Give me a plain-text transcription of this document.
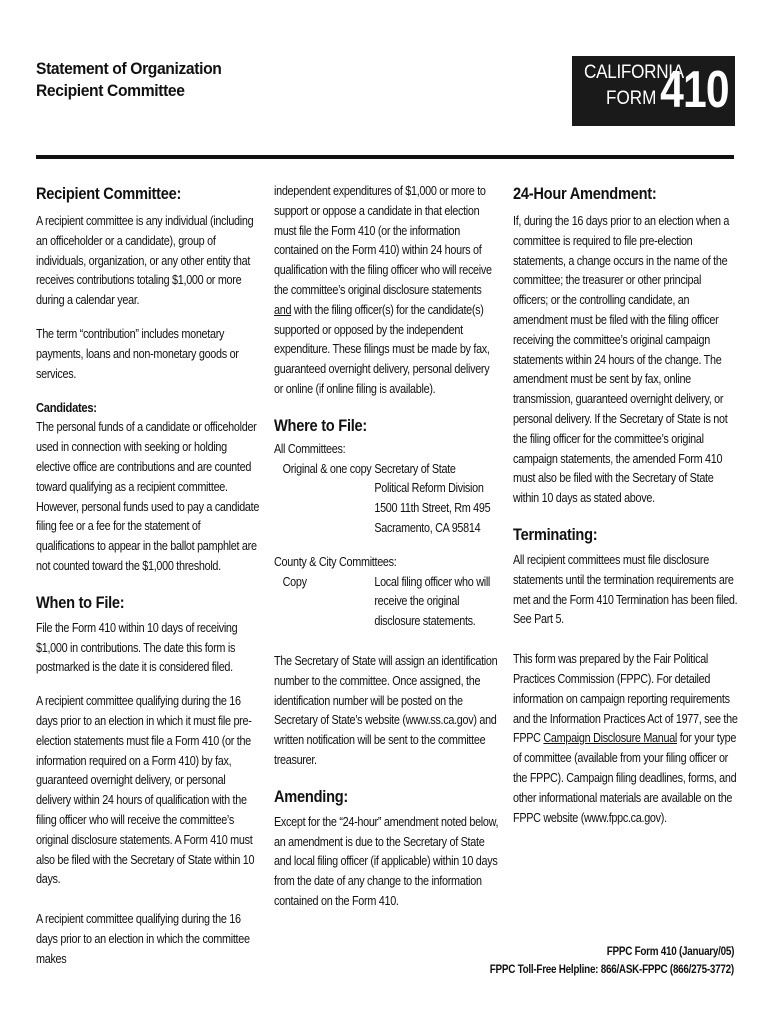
Statement of Organization
Recipient Committee
CALIFORNIA
FORM 410
Recipient Committee:

A recipient committee is any individual (including an officeholder or a candidate), group of individuals, organization, or any other entity that receives contributions totaling $1,000 or more during a calendar year.

The term “contribution” includes monetary payments, loans and non-monetary goods or services.

Candidates:

The personal funds of a candidate or officeholder used in connection with seeking or holding elective office are contributions and are counted toward qualifying as a recipient committee. However, personal funds used to pay a candidate filing fee or a fee for the statement of qualifications to appear in the ballot pamphlet are not counted toward the $1,000 threshold.

When to File:

File the Form 410 within 10 days of receiving $1,000 in contributions. The date this form is postmarked is the date it is considered filed.

A recipient committee qualifying during the 16 days prior to an election in which it must file pre-election statements must file a Form 410 (or the information required on a Form 410) by fax, guaranteed overnight delivery, or personal delivery within 24 hours of qualification with the filing officer who will receive the committee’s original disclosure statements. A Form 410 must also be filed with the Secretary of State within 10 days.

A recipient committee qualifying during the 16 days prior to an election in which the committee makes

independent expenditures of $1,000 or more to support or oppose a candidate in that election must file the Form 410 (or the information contained on the Form 410) within 24 hours of qualification with the filing officer who will receive the committee’s original disclosure statements and with the filing officer(s) for the candidate(s) supported or opposed by the independent expenditure. These filings must be made by fax, guaranteed overnight delivery, personal delivery or online (if online filing is available).

Where to File:

All Committees:

Original & one copy Secretary of State
Political Reform Division
1500 11th Street, Rm 495
Sacramento, CA 95814

County & City Committees:

Copy	Local filing officer who will
receive the original
disclosure statements.

The Secretary of State will assign an identification number to the committee. Once assigned, the identification number will be posted on the Secretary of State’s website (www.ss.ca.gov) and written notification will be sent to the committee treasurer.

Amending:

Except for the “24-hour” amendment noted below, an amendment is due to the Secretary of State and local filing officer (if applicable) within 10 days from the date of any change to the information contained on the Form 410.

24-Hour Amendment:

If, during the 16 days prior to an election when a committee is required to file pre-election statements, a change occurs in the name of the committee; the treasurer or other principal officers; or the controlling candidate, an amendment must be filed with the filing officer receiving the committee’s original campaign statements within 24 hours of the change. The amendment must be sent by fax, online transmission, guaranteed overnight delivery, or personal delivery. If the Secretary of State is not the filing officer for the committee’s original campaign statements, the amended Form 410 must also be filed with the Secretary of State within 10 days as stated above.

Terminating:

All recipient committees must file disclosure statements until the termination requirements are met and the Form 410 Termination has been filed. See Part 5.

This form was prepared by the Fair Political Practices Commission (FPPC). For detailed information on campaign reporting requirements and the Information Practices Act of 1977, see the FPPC Campaign Disclosure Manual for your type of committee (available from your filing officer or the FPPC). Campaign filing deadlines, forms, and other informational materials are available on the FPPC website (www.fppc.ca.gov).

FPPC Form 410 (January/05)
FPPC Toll-Free Helpline: 866/ASK-FPPC (866/275-3772)
